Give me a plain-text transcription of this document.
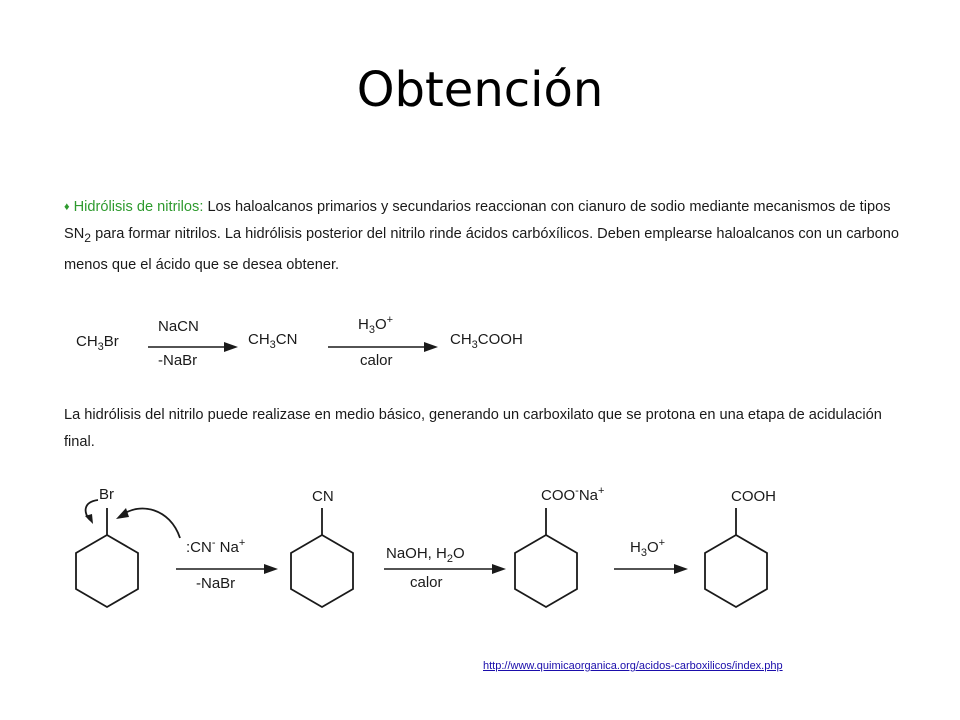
Obtención

♦ Hidrólisis de nitrilos: Los haloalcanos primarios y secundarios reaccionan con cianuro de sodio mediante mecanismos de tipos $SN_2$ para formar nitrilos. La hidrólisis posterior del nitrilo rinde ácidos carbóxílicos. Deben emplearse haloalcanos con un carbono menos que el ácido que se desea obtener.

$CH_3Br$
NaCN
-NaBr
$CH_3CN$
$H_3O^+$
calor
$CH_3COOH$

La hidrólisis del nitrilo puede realizase en medio básico, generando un carboxilato que se protona en una etapa de acidulación final.

Br
:CN- Na+
-NaBr
CN
NaOH, $H_2O$
calor
COO-Na+
$H_3O^+$
COOH
http://www.quimicaorganica.org/acidos-carboxilicos/index.php
